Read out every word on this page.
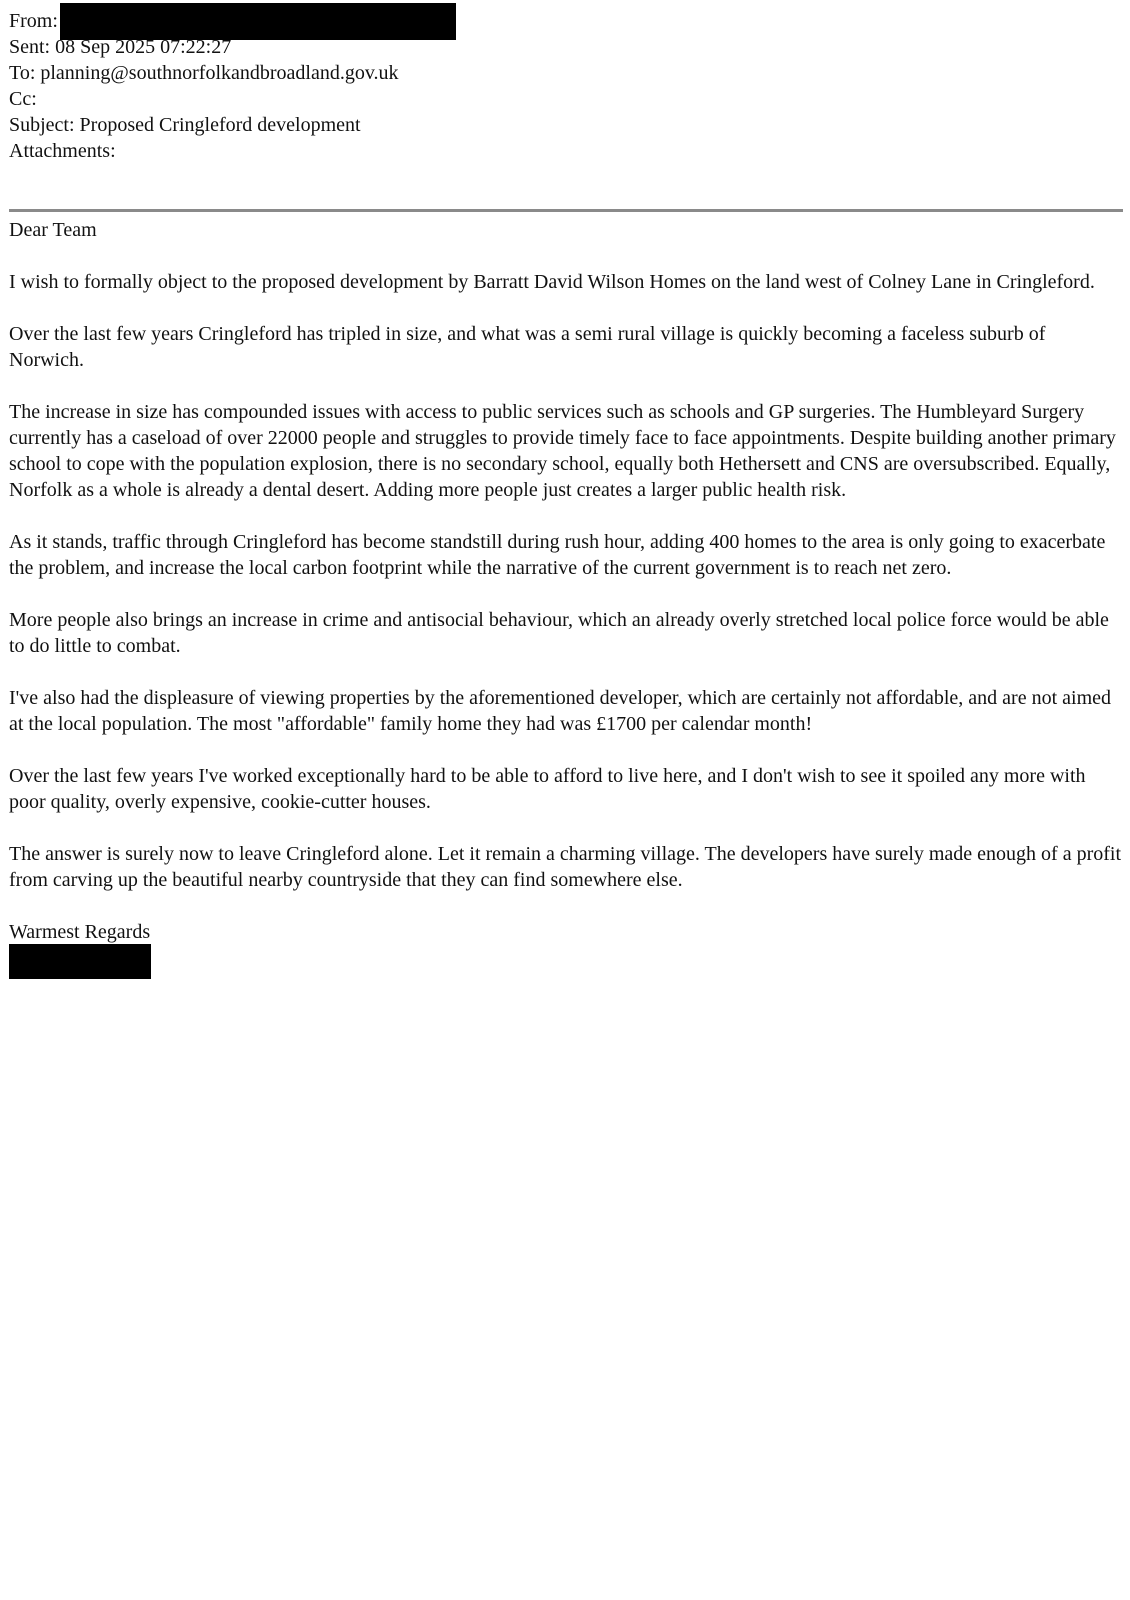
From:
Sent: 08 Sep 2025 07:22:27
To: planning@southnorfolkandbroadland.gov.uk
Cc:
Subject: Proposed Cringleford development
Attachments:

Dear Team

I wish to formally object to the proposed development by Barratt David Wilson Homes on the land west of Colney Lane in Cringleford.

Over the last few years Cringleford has tripled in size, and what was a semi rural village is quickly becoming a faceless suburb of Norwich.

The increase in size has compounded issues with access to public services such as schools and GP surgeries. The Humbleyard Surgery currently has a caseload of over 22000 people and struggles to provide timely face to face appointments. Despite building another primary school to cope with the population explosion, there is no secondary school, equally both Hethersett and CNS are oversubscribed. Equally, Norfolk as a whole is already a dental desert. Adding more people just creates a larger public health risk.

As it stands, traffic through Cringleford has become standstill during rush hour, adding 400 homes to the area is only going to exacerbate the problem, and increase the local carbon footprint while the narrative of the current government is to reach net zero.

More people also brings an increase in crime and antisocial behaviour, which an already overly stretched local police force would be able to do little to combat.

I've also had the displeasure of viewing properties by the aforementioned developer, which are certainly not affordable, and are not aimed at the local population. The most "affordable" family home they had was £1700 per calendar month!

Over the last few years I've worked exceptionally hard to be able to afford to live here, and I don't wish to see it spoiled any more with poor quality, overly expensive, cookie-cutter houses.

The answer is surely now to leave Cringleford alone. Let it remain a charming village. The developers have surely made enough of a profit from carving up the beautiful nearby countryside that they can find somewhere else.

Warmest Regards
